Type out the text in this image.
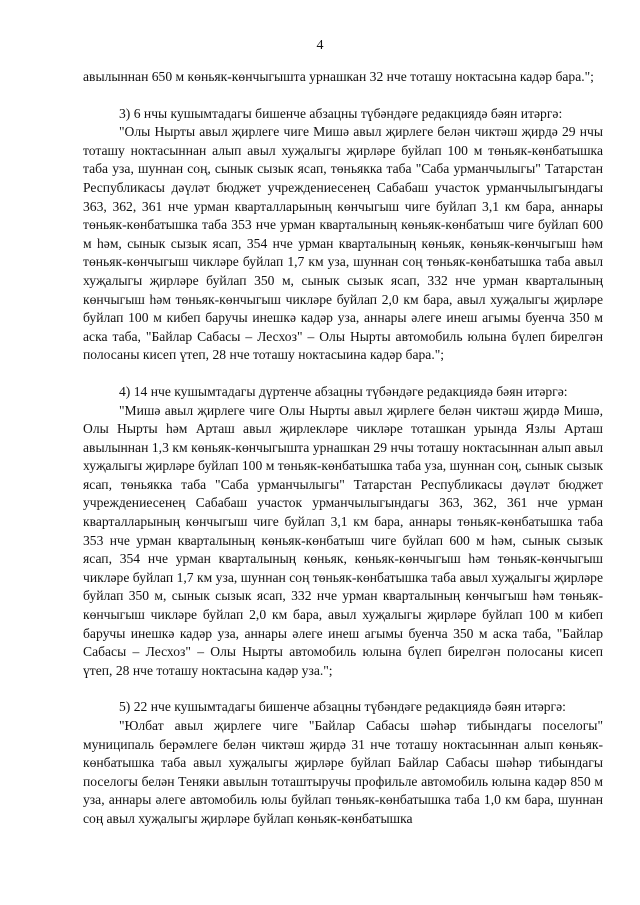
4

авылыннан 650 м көньяк-көнчыгышта урнашкан 32 нче тоташу ноктасына кадәр бара.";

3) 6 нчы кушымтадагы бишенче абзацны түбәндәге редакциядә бәян итәргә:

"Олы Нырты авыл җирлеге чиге Мишә авыл җирлеге белән чиктәш җирдә 29 нчы тоташу ноктасыннан алып авыл хуҗалыгы җирләре буйлап 100 м төньяк-көнбатышка таба уза, шуннан соң, сынык сызык ясап, төньякка таба "Саба урманчылыгы" Татарстан Республикасы дәүләт бюджет учреждениесенең Сабабаш участок урманчылыгындагы 363, 362, 361 нче урман кварталларының көнчыгыш чиге буйлап 3,1 км бара, аннары төньяк-көнбатышка таба 353 нче урман кварталының көньяк-көнбатыш чиге буйлап 600 м һәм, сынык сызык ясап, 354 нче урман кварталының көньяк, көньяк-көнчыгыш һәм төньяк-көнчыгыш чикләре буйлап 1,7 км уза, шуннан соң төньяк-көнбатышка таба авыл хуҗалыгы җирләре буйлап 350 м, сынык сызык ясап, 332 нче урман кварталының көнчыгыш һәм төньяк-көнчыгыш чикләре буйлап 2,0 км бара, авыл хуҗалыгы җирләре буйлап 100 м кибеп баручы инешкә кадәр уза, аннары әлеге инеш агымы буенча 350 м аска таба, "Байлар Сабасы – Лесхоз" – Олы Нырты автомобиль юлына бүлеп бирелгән полосаны кисеп үтеп, 28 нче тоташу ноктасыина кадәр бара.";

4) 14 нче кушымтадагы дүртенче абзацны түбәндәге редакциядә бәян итәргә:

"Мишә авыл җирлеге чиге Олы Нырты авыл җирлеге белән чиктәш җирдә Мишә, Олы Нырты һәм Арташ авыл җирлекләре чикләре тоташкан урында Язлы Арташ авылыннан 1,3 км көньяк-көнчыгышта урнашкан 29 нчы тоташу ноктасыннан алып авыл хуҗалыгы җирләре буйлап 100 м төньяк-көнбатышка таба уза, шуннан соң, сынык сызык ясап, төньякка таба "Саба урманчылыгы" Татарстан Республикасы дәүләт бюджет учреждениесенең Сабабаш участок урманчылыгындагы 363, 362, 361 нче урман кварталларының көнчыгыш чиге буйлап 3,1 км бара, аннары төньяк-көнбатышка таба 353 нче урман кварталының көньяк-көнбатыш чиге буйлап 600 м һәм, сынык сызык ясап, 354 нче урман кварталының көньяк, көньяк-көнчыгыш һәм төньяк-көнчыгыш чикләре буйлап 1,7 км уза, шуннан соң төньяк-көнбатышка таба авыл хуҗалыгы җирләре буйлап 350 м, сынык сызык ясап, 332 нче урман кварталының көнчыгыш һәм төньяк-көнчыгыш чикләре буйлап 2,0 км бара, авыл хуҗалыгы җирләре буйлап 100 м кибеп баручы инешкә кадәр уза, аннары әлеге инеш агымы буенча 350 м аска таба, "Байлар Сабасы – Лесхоз" – Олы Нырты автомобиль юлына бүлеп бирелгән полосаны кисеп үтеп, 28 нче тоташу ноктасына кадәр уза.";

5) 22 нче кушымтадагы бишенче абзацны түбәндәге редакциядә бәян итәргә:

"Юлбат авыл җирлеге чиге "Байлар Сабасы шәһәр тибындагы поселогы" муниципаль берәмлеге белән чиктәш җирдә 31 нче тоташу ноктасыннан алып көньяк-көнбатышка таба авыл хуҗалыгы җирләре буйлап Байлар Сабасы шәһәр тибындагы поселогы белән Теняки авылын тоташтыручы профильле автомобиль юлына кадәр 850 м уза, аннары әлеге автомобиль юлы буйлап төньяк-көнбатышка таба 1,0 км бара, шуннан соң авыл хуҗалыгы җирләре буйлап көньяк-көнбатышка
